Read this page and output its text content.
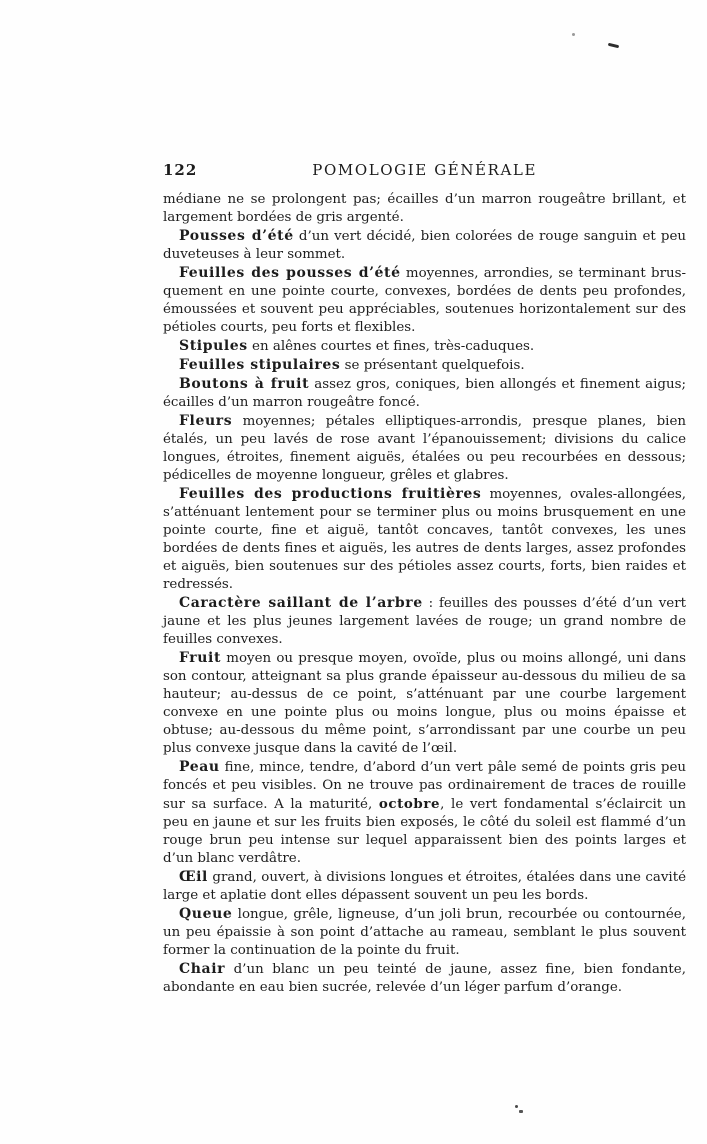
122	POMOLOGIE GÉNÉRALE

médiane ne se prolongent pas; écailles d’un marron rougeâtre brillant, et largement bordées de gris argenté.

Pousses d’été d’un vert décidé, bien colorées de rouge sanguin et peu duveteuses à leur sommet.

Feuilles des pousses d’été moyennes, arrondies, se terminant brusquement en une pointe courte, convexes, bordées de dents peu profondes, émoussées et souvent peu appréciables, soutenues horizontalement sur des pétioles courts, peu forts et flexibles.

Stipules en alênes courtes et fines, très-caduques.

Feuilles stipulaires se présentant quelquefois.

Boutons à fruit assez gros, coniques, bien allongés et finement aigus; écailles d’un marron rougeâtre foncé.

Fleurs moyennes; pétales elliptiques-arrondis, presque planes, bien étalés, un peu lavés de rose avant l’épanouissement; divisions du calice longues, étroites, finement aiguës, étalées ou peu recourbées en dessous; pédicelles de moyenne longueur, grêles et glabres.

Feuilles des productions fruitières moyennes, ovales-allongées, s’atténuant lentement pour se terminer plus ou moins brusquement en une pointe courte, fine et aiguë, tantôt concaves, tantôt convexes, les unes bordées de dents fines et aiguës, les autres de dents larges, assez profondes et aiguës, bien soutenues sur des pétioles assez courts, forts, bien raides et redressés.

Caractère saillant de l’arbre : feuilles des pousses d’été d’un vert jaune et les plus jeunes largement lavées de rouge; un grand nombre de feuilles convexes.

Fruit moyen ou presque moyen, ovoïde, plus ou moins allongé, uni dans son contour, atteignant sa plus grande épaisseur au-dessous du milieu de sa hauteur; au-dessus de ce point, s’atténuant par une courbe largement convexe en une pointe plus ou moins longue, plus ou moins épaisse et obtuse; au-dessous du même point, s’arrondissant par une courbe un peu plus convexe jusque dans la cavité de l’œil.

Peau fine, mince, tendre, d’abord d’un vert pâle semé de points gris peu foncés et peu visibles. On ne trouve pas ordinairement de traces de rouille sur sa surface. A la maturité, octobre, le vert fondamental s’éclaircit un peu en jaune et sur les fruits bien exposés, le côté du soleil est flammé d’un rouge brun peu intense sur lequel apparaissent bien des points larges et d’un blanc verdâtre.

Œil grand, ouvert, à divisions longues et étroites, étalées dans une cavité large et aplatie dont elles dépassent souvent un peu les bords.

Queue longue, grêle, ligneuse, d’un joli brun, recourbée ou contournée, un peu épaissie à son point d’attache au rameau, semblant le plus souvent former la continuation de la pointe du fruit.

Chair d’un blanc un peu teinté de jaune, assez fine, bien fondante, abondante en eau bien sucrée, relevée d’un léger parfum d’orange.
